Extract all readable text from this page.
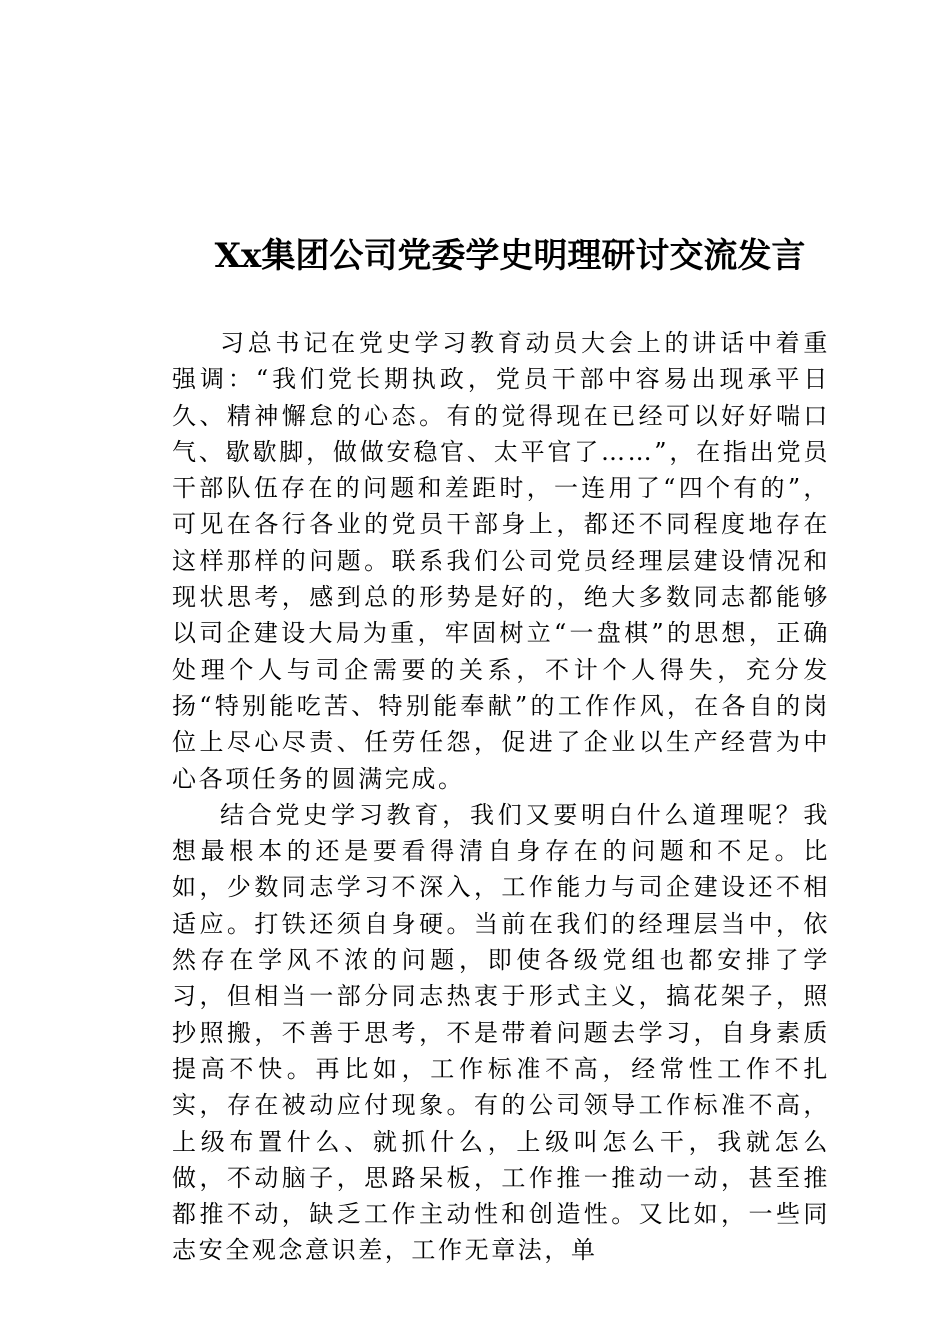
Xx集团公司党委学史明理研讨交流发言

习总书记在党史学习教育动员大会上的讲话中着重强调：“我们党长期执政，党员干部中容易出现承平日久、精神懈怠的心态。有的觉得现在已经可以好好喘口气、歇歇脚，做做安稳官、太平官了……”，在指出党员干部队伍存在的问题和差距时，一连用了“四个有的”，可见在各行各业的党员干部身上，都还不同程度地存在这样那样的问题。联系我们公司党员经理层建设情况和现状思考，感到总的形势是好的，绝大多数同志都能够以司企建设大局为重，牢固树立“一盘棋”的思想，正确处理个人与司企需要的关系，不计个人得失，充分发扬“特别能吃苦、特别能奉献”的工作作风，在各自的岗位上尽心尽责、任劳任怨，促进了企业以生产经营为中心各项任务的圆满完成。

结合党史学习教育，我们又要明白什么道理呢？我想最根本的还是要看得清自身存在的问题和不足。比如，少数同志学习不深入，工作能力与司企建设还不相适应。打铁还须自身硬。当前在我们的经理层当中，依然存在学风不浓的问题，即使各级党组也都安排了学习，但相当一部分同志热衷于形式主义，搞花架子，照抄照搬，不善于思考，不是带着问题去学习，自身素质提高不快。再比如，工作标准不高，经常性工作不扎实，存在被动应付现象。有的公司领导工作标准不高，上级布置什么、就抓什么，上级叫怎么干，我就怎么做，不动脑子，思路呆板，工作推一推动一动，甚至推都推不动，缺乏工作主动性和创造性。又比如，一些同志安全观念意识差，工作无章法，单
